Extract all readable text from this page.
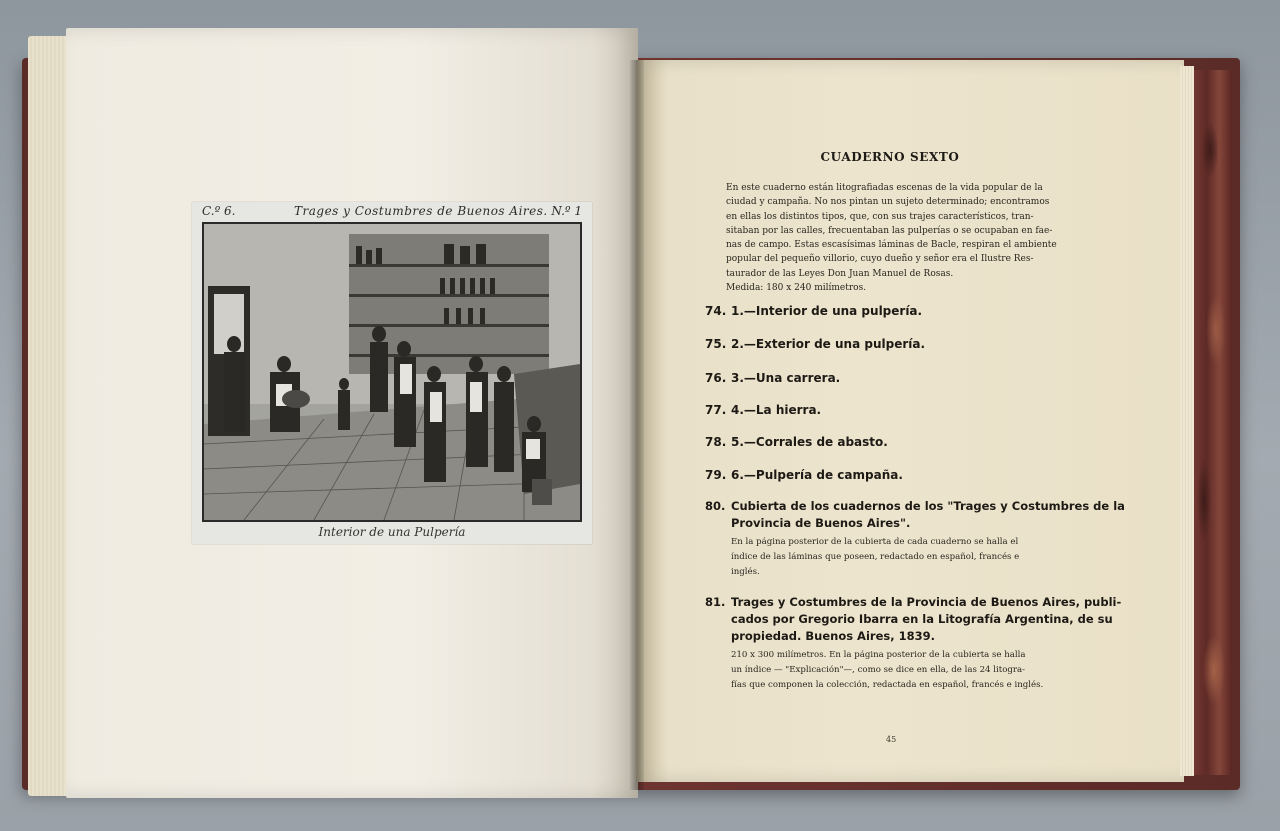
C.º 6.	Trages y Costumbres de Buenos Aires. N.º 1
Interior de una Pulpería
CUADERNO SEXTO
En este cuaderno están litografiadas escenas de la vida popular de la
ciudad y campaña. No nos pintan un sujeto determinado; encontramos
en ellas los distintos tipos, que, con sus trajes característicos, tran-
sitaban por las calles, frecuentaban las pulperías o se ocupaban en fae-
nas de campo. Estas escasísimas láminas de Bacle, respiran el ambiente
popular del pequeño villorio, cuyo dueño y señor era el Ilustre Res-
taurador de las Leyes Don Juan Manuel de Rosas.
Medida: 180 x 240 milímetros.
74. 1.—Interior de una pulpería.
75. 2.—Exterior de una pulpería.
76. 3.—Una carrera.
77. 4.—La hierra.
78. 5.—Corrales de abasto.
79. 6.—Pulpería de campaña.
80. Cubierta de los cuadernos de los "Trages y Costumbres de la
Provincia de Buenos Aires".
En la página posterior de la cubierta de cada cuaderno se halla el
índice de las láminas que poseen, redactado en español, francés e
inglés.
81. Trages y Costumbres de la Provincia de Buenos Aires, publi-
cados por Gregorio Ibarra en la Litografía Argentina, de su
propiedad. Buenos Aires, 1839.
210 x 300 milímetros. En la página posterior de la cubierta se halla
un índice — "Explicación"—, como se dice en ella, de las 24 litogra-
fías que componen la colección, redactada en español, francés e inglés.
45
